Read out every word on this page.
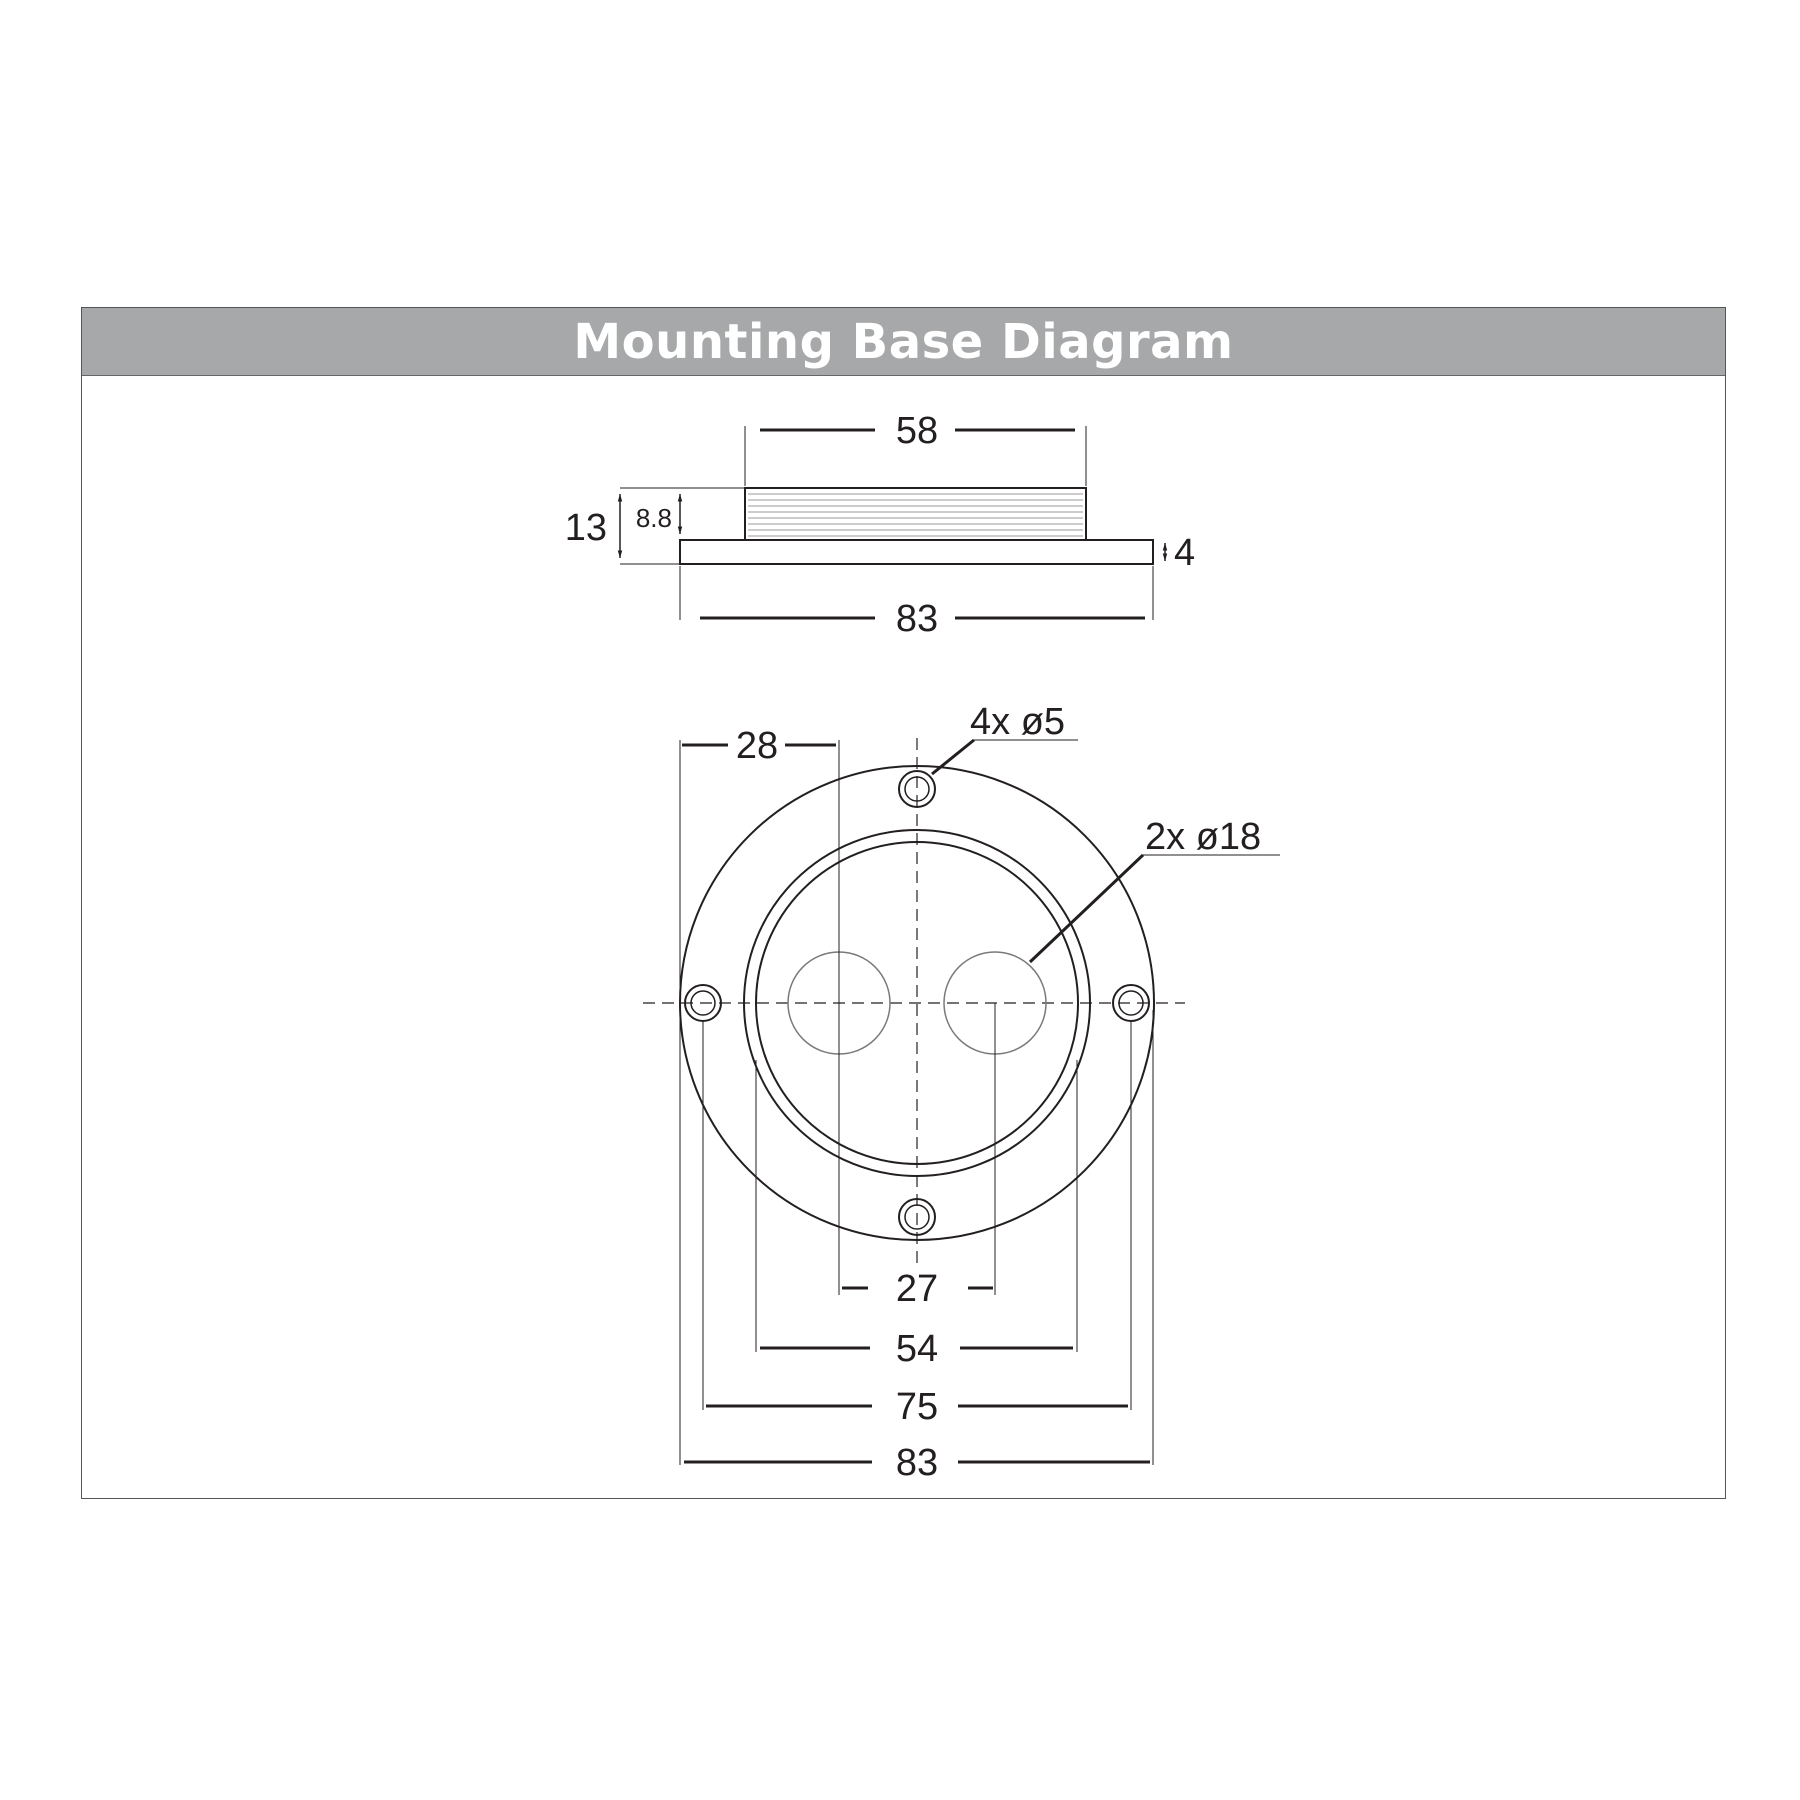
Mounting Base Diagram
58
83
13 8.8
4
28
4x ø5
2x ø18
27
54
75
83
